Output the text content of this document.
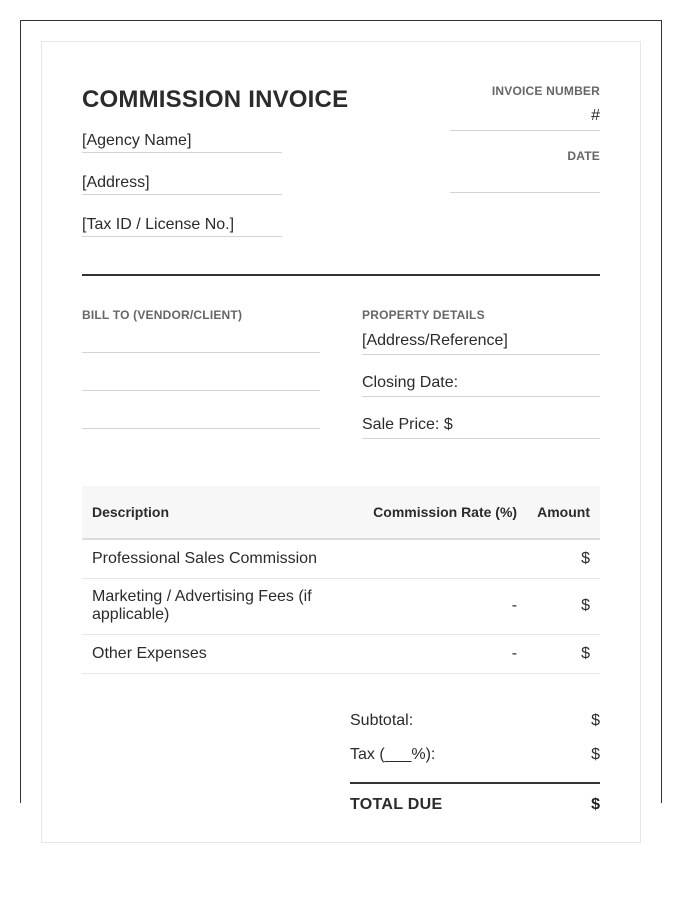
COMMISSION INVOICE
[Agency Name]
[Address]
[Tax ID / License No.]
INVOICE NUMBER
#
DATE
BILL TO (VENDOR/CLIENT)	PROPERTY DETAILS
[Address/Reference]
Closing Date:
Sale Price: $
Description	Commission Rate (%)	Amount
Professional Sales Commission		$
Marketing / Advertising Fees (if applicable)	-	$
Other Expenses	-	$
Subtotal:	$
Tax (___%):	$
TOTAL DUE	$
